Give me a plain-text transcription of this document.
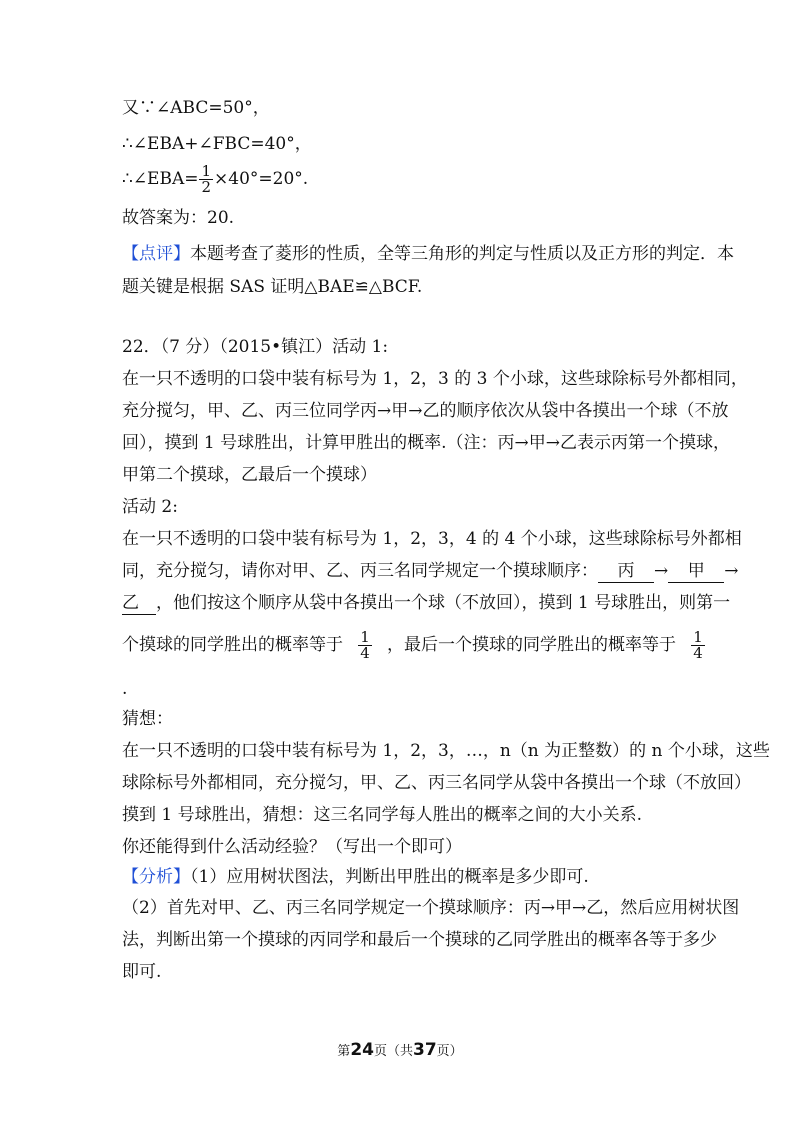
又∵∠ABC=50°，
∴∠EBA+∠FBC=40°，
∴∠EBA= $\frac{1}{2} \times 40^\circ=20^\circ$.
故答案为：20.
【点评】本题考查了菱形的性质，全等三角形的判定与性质以及正方形的判定．本
题关键是根据 SAS 证明△BAE≌△BCF.
22．（7 分）（2015•镇江）活动 1:
在一只不透明的口袋中装有标号为 1，2，3 的 3 个小球，这些球除标号外都相同，
充分搅匀，甲、乙、丙三位同学丙→甲→乙的顺序依次从袋中各摸出一个球（不放
回），摸到 1 号球胜出，计算甲胜出的概率.（注：丙→甲→乙表示丙第一个摸球，
甲第二个摸球，乙最后一个摸球）
活动 2:
在一只不透明的口袋中装有标号为 1，2，3，4 的 4 个小球，这些球除标号外都相
同，充分搅匀，请你对甲、乙、丙三名同学规定一个摸球顺序： 丙 → 甲 →
乙 ，他们按这个顺序从袋中各摸出一个球（不放回），摸到 1 号球胜出，则第一
个摸球的同学胜出的概率等于 $\frac{1}{4}$ ，最后一个摸球的同学胜出的概率等于 $\frac{1}{4}$
.
猜想：
在一只不透明的口袋中装有标号为 1，2，3，…，n（n 为正整数）的 n 个小球，这些
球除标号外都相同，充分搅匀，甲、乙、丙三名同学从袋中各摸出一个球（不放回）
摸到 1 号球胜出，猜想：这三名同学每人胜出的概率之间的大小关系.
你还能得到什么活动经验？（写出一个即可）
【分析】（1）应用树状图法，判断出甲胜出的概率是多少即可.
（2）首先对甲、乙、丙三名同学规定一个摸球顺序：丙→甲→乙，然后应用树状图
法，判断出第一个摸球的丙同学和最后一个摸球的乙同学胜出的概率各等于多少
即可.
第24页（共37页）
